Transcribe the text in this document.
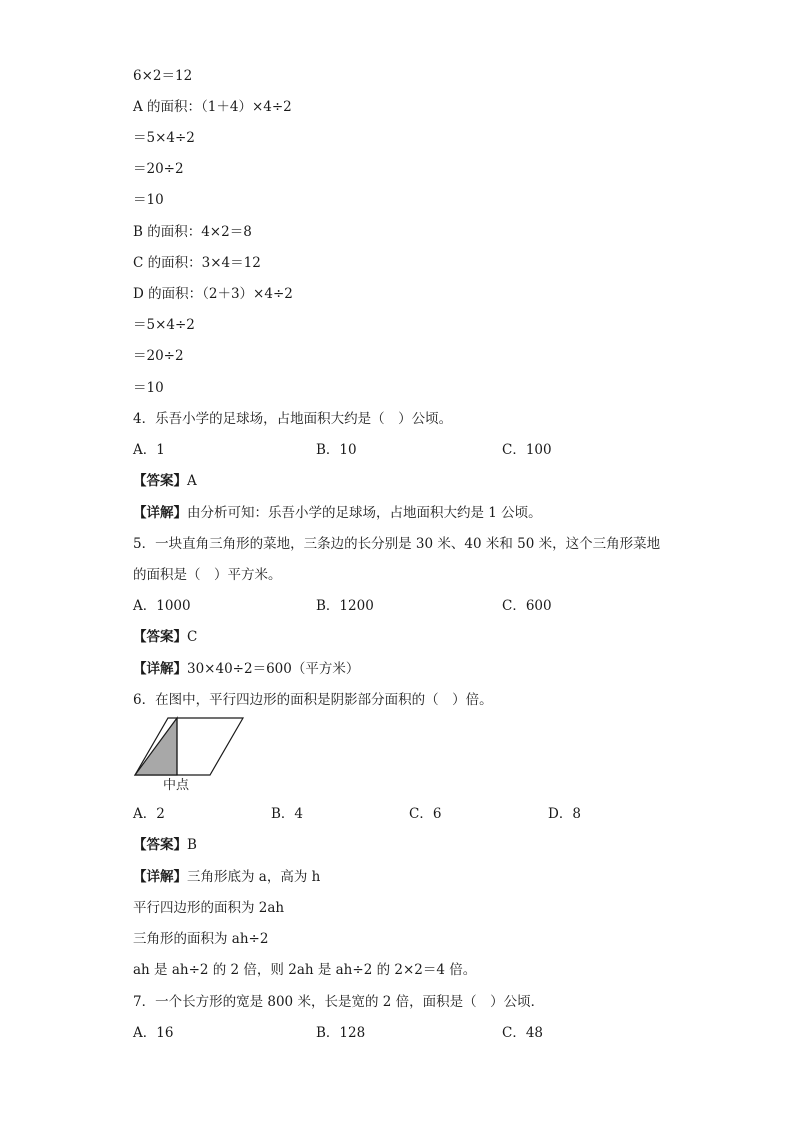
6×2＝12
A 的面积：（1＋4）×4÷2
＝5×4÷2
＝20÷2
＝10
B 的面积：4×2＝8
C 的面积：3×4＝12
D 的面积：（2＋3）×4÷2
＝5×4÷2
＝20÷2
＝10
4．乐吾小学的足球场，占地面积大约是（　）公顷。
A．1	B．10	C．100
【答案】A
【详解】由分析可知：乐吾小学的足球场，占地面积大约是 1 公顷。
5．一块直角三角形的菜地，三条边的长分别是 30 米、40 米和 50 米，这个三角形菜地
的面积是（　）平方米。
A．1000	B．1200	C．600
【答案】C
【详解】30×40÷2＝600（平方米）
6．在图中，平行四边形的面积是阴影部分面积的（　）倍。
中点
A．2	B．4	C．6	D．8
【答案】B
【详解】三角形底为 a，高为 h
平行四边形的面积为 2ah
三角形的面积为 ah÷2
ah 是 ah÷2 的 2 倍，则 2ah 是 ah÷2 的 2×2＝4 倍。
7．一个长方形的宽是 800 米，长是宽的 2 倍，面积是（　）公顷．
A．16	B．128	C．48
